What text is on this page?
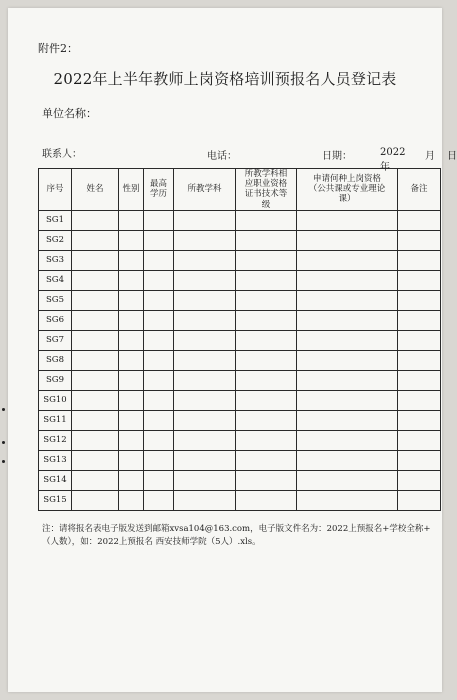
附件2：
2022年上半年教师上岗资格培训预报名人员登记表
单位名称：
联系人：	电话：	日期：	2022年
月 日
序号	姓名	性别	最高学历	所教学科	所教学科相应职业资格证书技术等级	申请何种上岗资格（公共课或专业理论课）	备注
SG1							
SG2							
SG3							
SG4							
SG5							
SG6							
SG7							
SG8							
SG9							
SG10							
SG11							
SG12							
SG13							
SG14							
SG15							
注：请将报名表电子版发送到邮箱xvsa104@163.com，电子版文件名为：2022上预报名+学校全称+（人数），如：2022上预报名 西安技师学院（5人）.xls。
